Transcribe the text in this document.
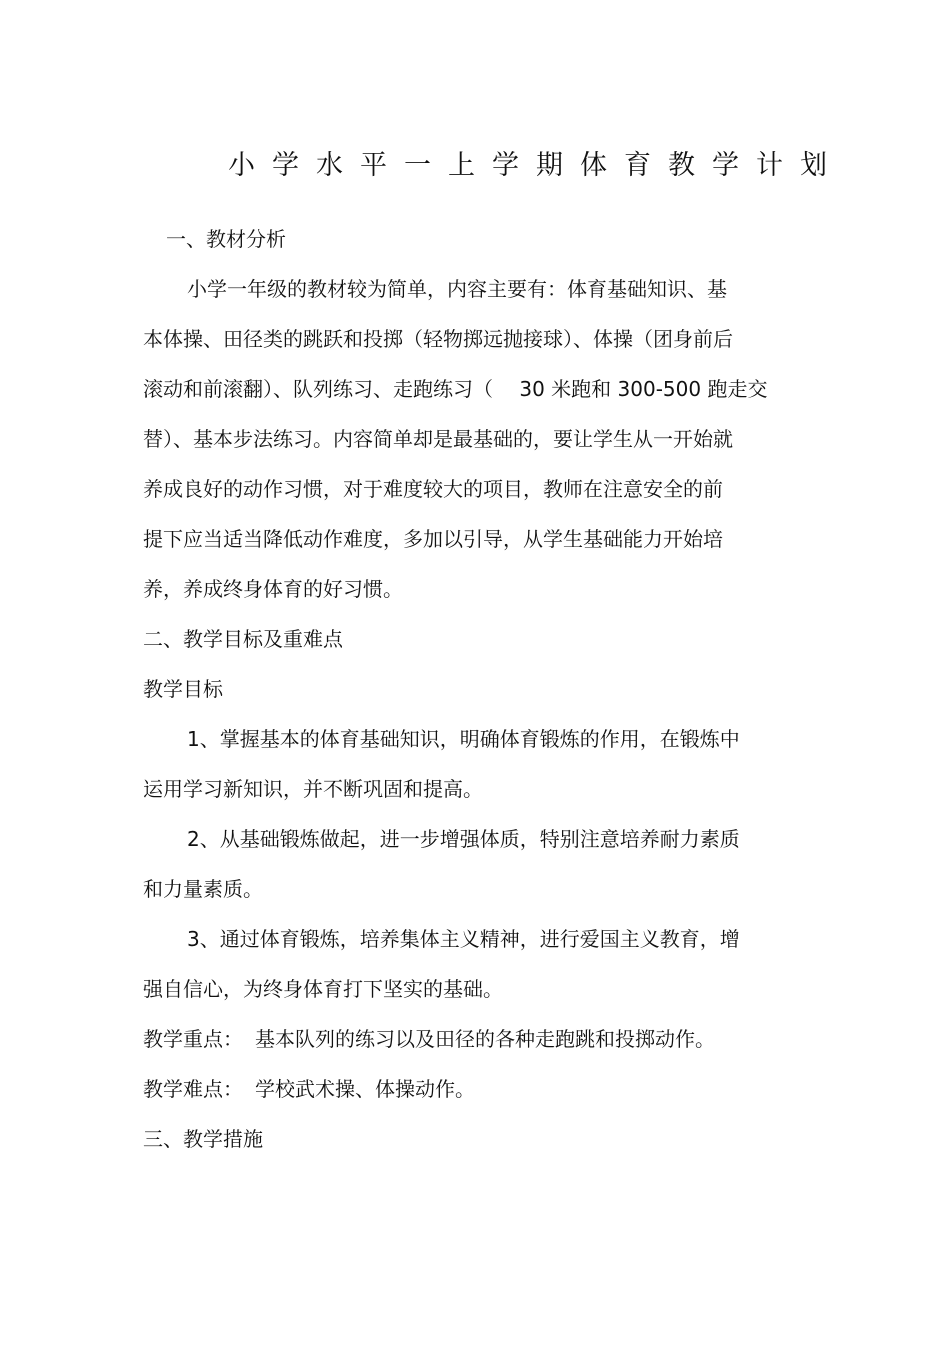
小学水平一上学期体育教学计划
一、教材分析
小学一年级的教材较为简单，内容主要有：体育基础知识、基
本体操、田径类的跳跃和投掷（轻物掷远抛接球）、体操（团身前后
滚动和前滚翻）、队列练习、走跑练习（　 30 米跑和 300-500 跑走交
替）、基本步法练习。内容简单却是最基础的，要让学生从一开始就
养成良好的动作习惯，对于难度较大的项目，教师在注意安全的前
提下应当适当降低动作难度，多加以引导，从学生基础能力开始培
养，养成终身体育的好习惯。
二、教学目标及重难点
教学目标
1、掌握基本的体育基础知识，明确体育锻炼的作用，在锻炼中
运用学习新知识，并不断巩固和提高。
2、从基础锻炼做起，进一步增强体质，特别注意培养耐力素质
和力量素质。
3、通过体育锻炼，培养集体主义精神，进行爱国主义教育，增
强自信心，为终身体育打下坚实的基础。
教学重点： 基本队列的练习以及田径的各种走跑跳和投掷动作。
教学难点： 学校武术操、体操动作。
三、教学措施
